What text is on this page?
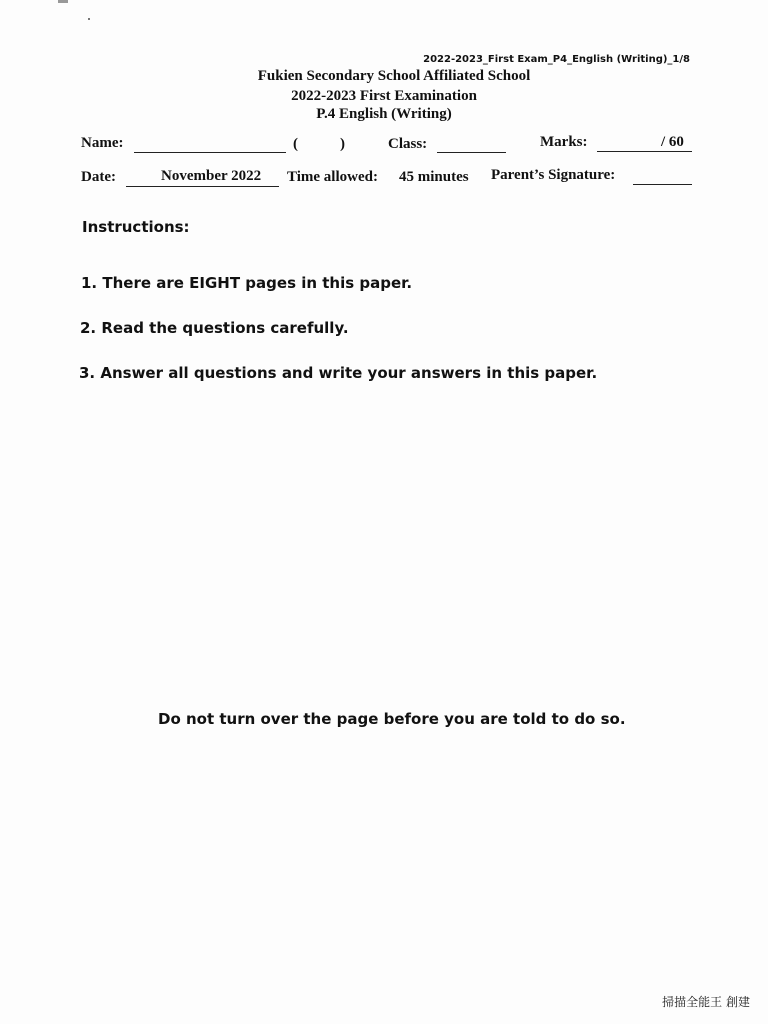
2022-2023_First Exam_P4_English (Writing)_1/8
Fukien Secondary School Affiliated School
2022-2023 First Examination
P.4 English (Writing)
Name:	(	)	Class:	Marks:	/ 60
Date:	November 2022 Time allowed: 45 minutes Parent’s Signature:
Instructions:
1. There are EIGHT pages in this paper.
2. Read the questions carefully.
3. Answer all questions and write your answers in this paper.
Do not turn over the page before you are told to do so.
掃描全能王 創建
